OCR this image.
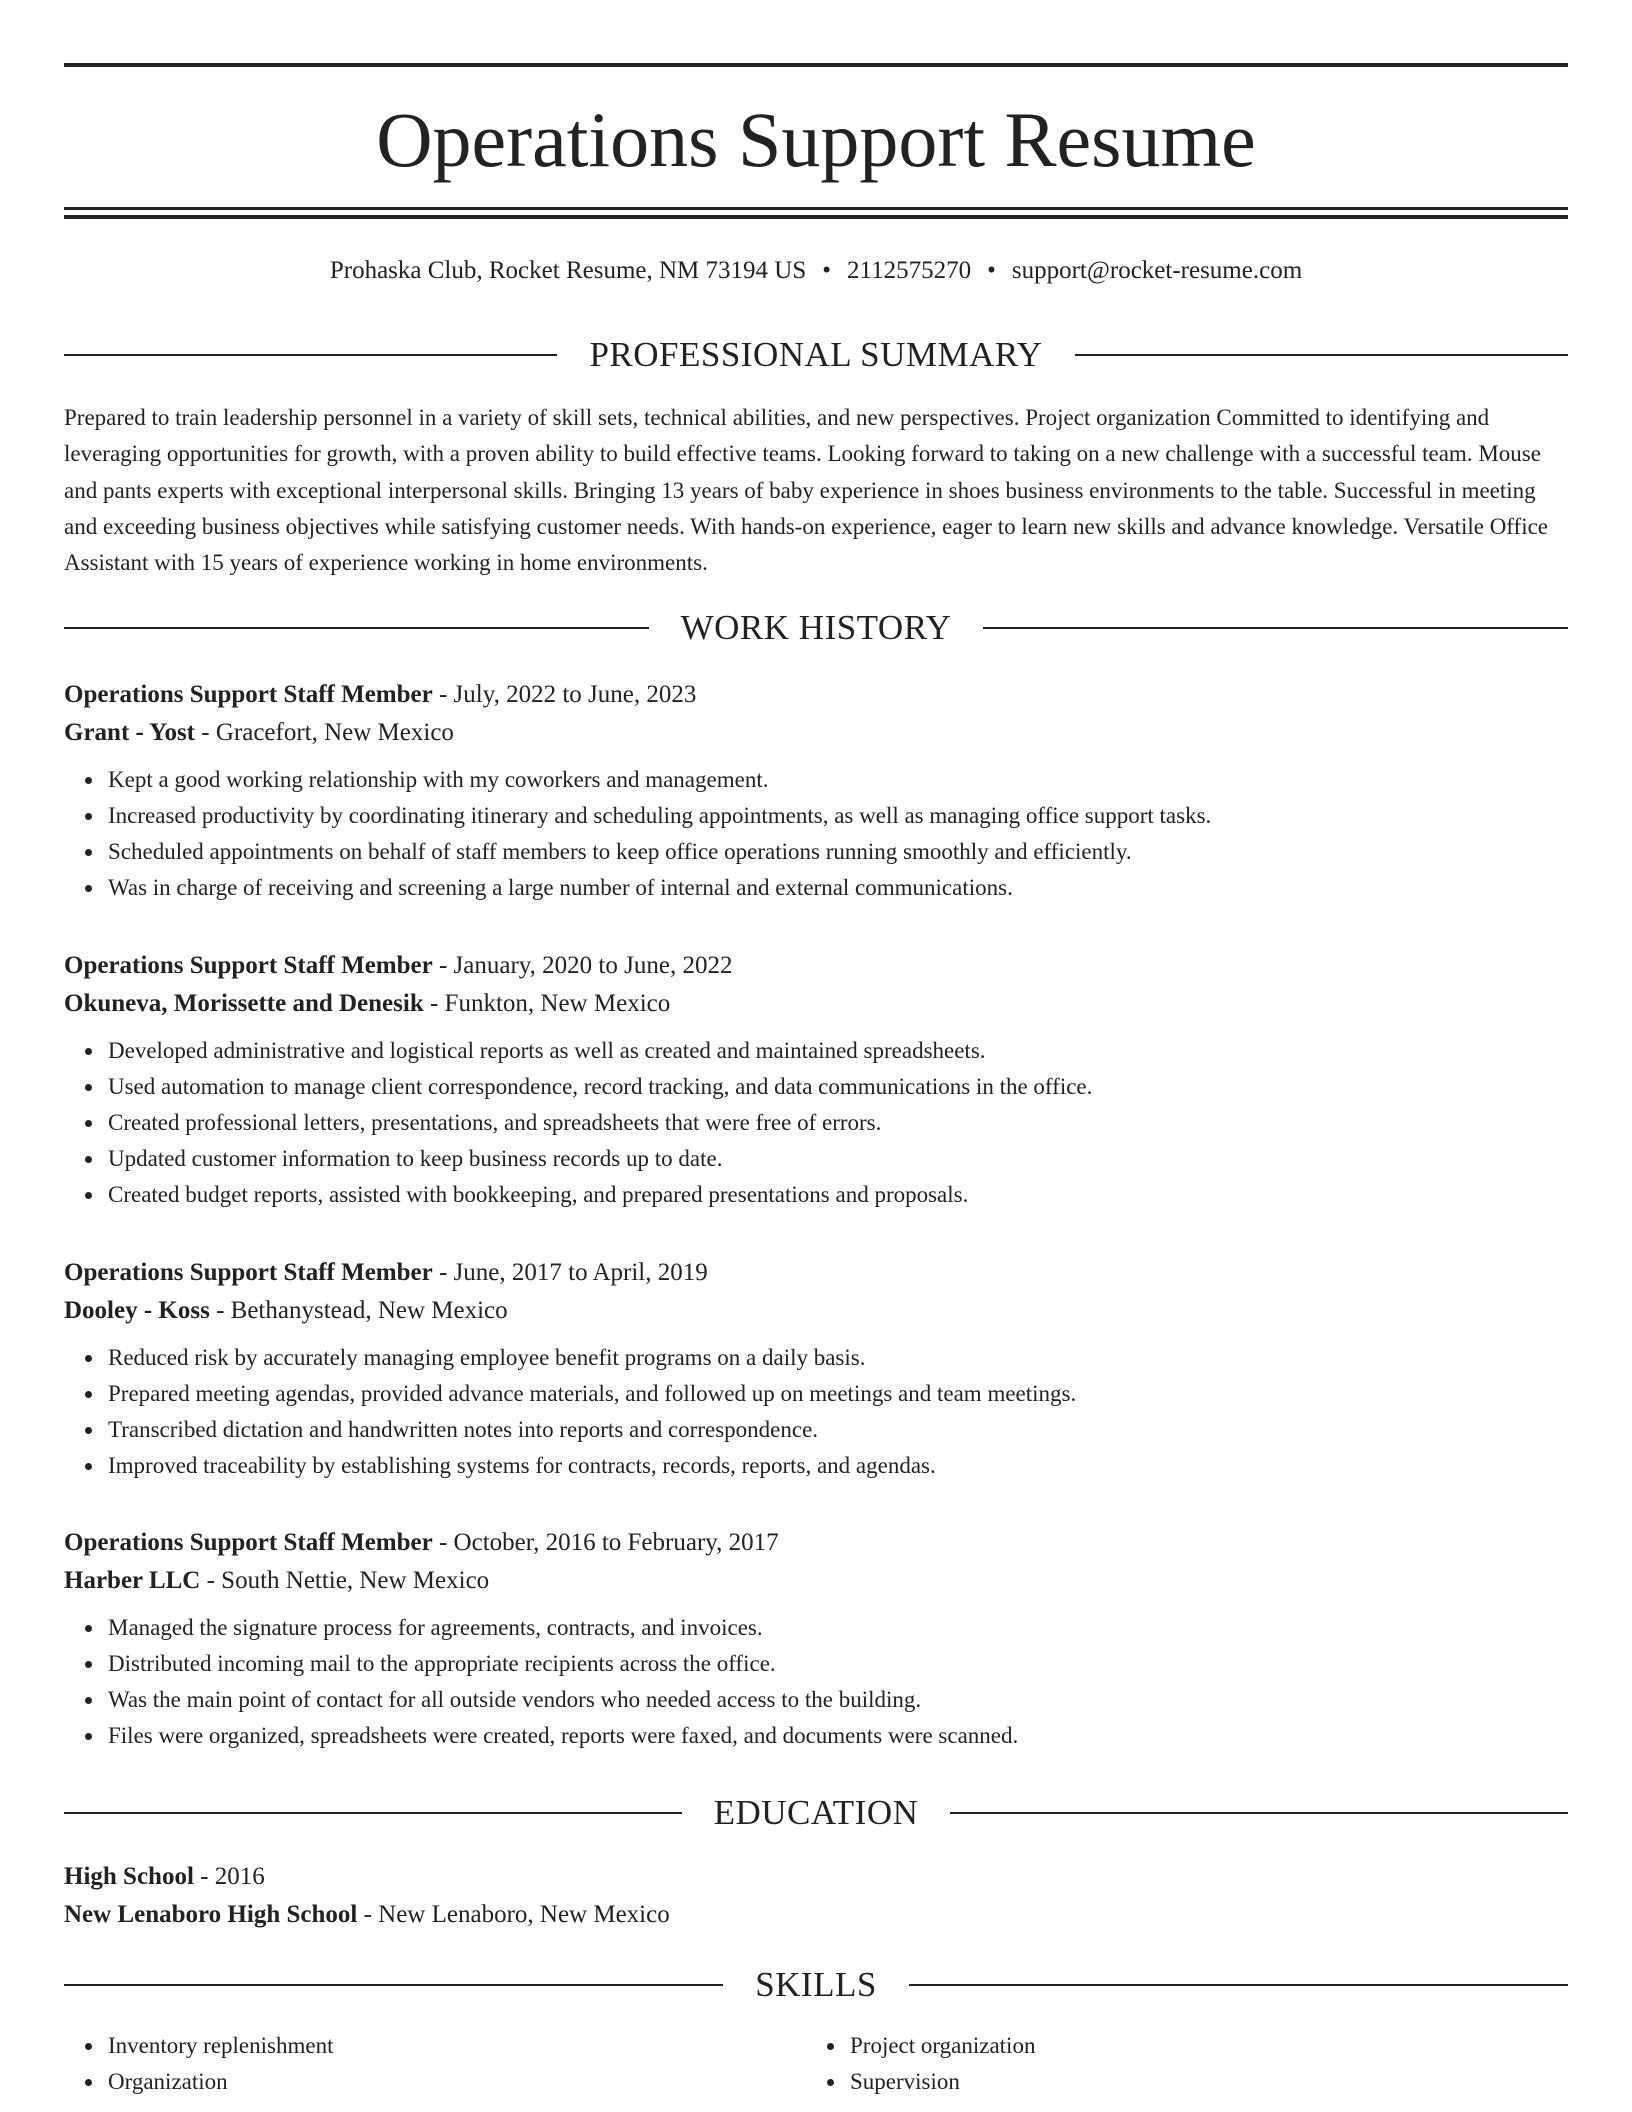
Operations Support Resume
Prohaska Club, Rocket Resume, NM 73194 US • 2112575270 • support@rocket-resume.com
PROFESSIONAL SUMMARY

Prepared to train leadership personnel in a variety of skill sets, technical abilities, and new perspectives. Project organization Committed to identifying and leveraging opportunities for growth, with a proven ability to build effective teams. Looking forward to taking on a new challenge with a successful team. Mouse and pants experts with exceptional interpersonal skills. Bringing 13 years of baby experience in shoes business environments to the table. Successful in meeting and exceeding business objectives while satisfying customer needs. With hands-on experience, eager to learn new skills and advance knowledge. Versatile Office Assistant with 15 years of experience working in home environments.

WORK HISTORY
Operations Support Staff Member - July, 2022 to June, 2023
Grant - Yost - Gracefort, New Mexico
Kept a good working relationship with my coworkers and management.
Increased productivity by coordinating itinerary and scheduling appointments, as well as managing office support tasks.
Scheduled appointments on behalf of staff members to keep office operations running smoothly and efficiently.
Was in charge of receiving and screening a large number of internal and external communications.
Operations Support Staff Member - January, 2020 to June, 2022
Okuneva, Morissette and Denesik - Funkton, New Mexico
Developed administrative and logistical reports as well as created and maintained spreadsheets.
Used automation to manage client correspondence, record tracking, and data communications in the office.
Created professional letters, presentations, and spreadsheets that were free of errors.
Updated customer information to keep business records up to date.
Created budget reports, assisted with bookkeeping, and prepared presentations and proposals.
Operations Support Staff Member - June, 2017 to April, 2019
Dooley - Koss - Bethanystead, New Mexico
Reduced risk by accurately managing employee benefit programs on a daily basis.
Prepared meeting agendas, provided advance materials, and followed up on meetings and team meetings.
Transcribed dictation and handwritten notes into reports and correspondence.
Improved traceability by establishing systems for contracts, records, reports, and agendas.
Operations Support Staff Member - October, 2016 to February, 2017
Harber LLC - South Nettie, New Mexico
Managed the signature process for agreements, contracts, and invoices.
Distributed incoming mail to the appropriate recipients across the office.
Was the main point of contact for all outside vendors who needed access to the building.
Files were organized, spreadsheets were created, reports were faxed, and documents were scanned.
EDUCATION
High School - 2016
New Lenaboro High School - New Lenaboro, New Mexico
SKILLS
Inventory replenishment
Organization
Project organization
Supervision
